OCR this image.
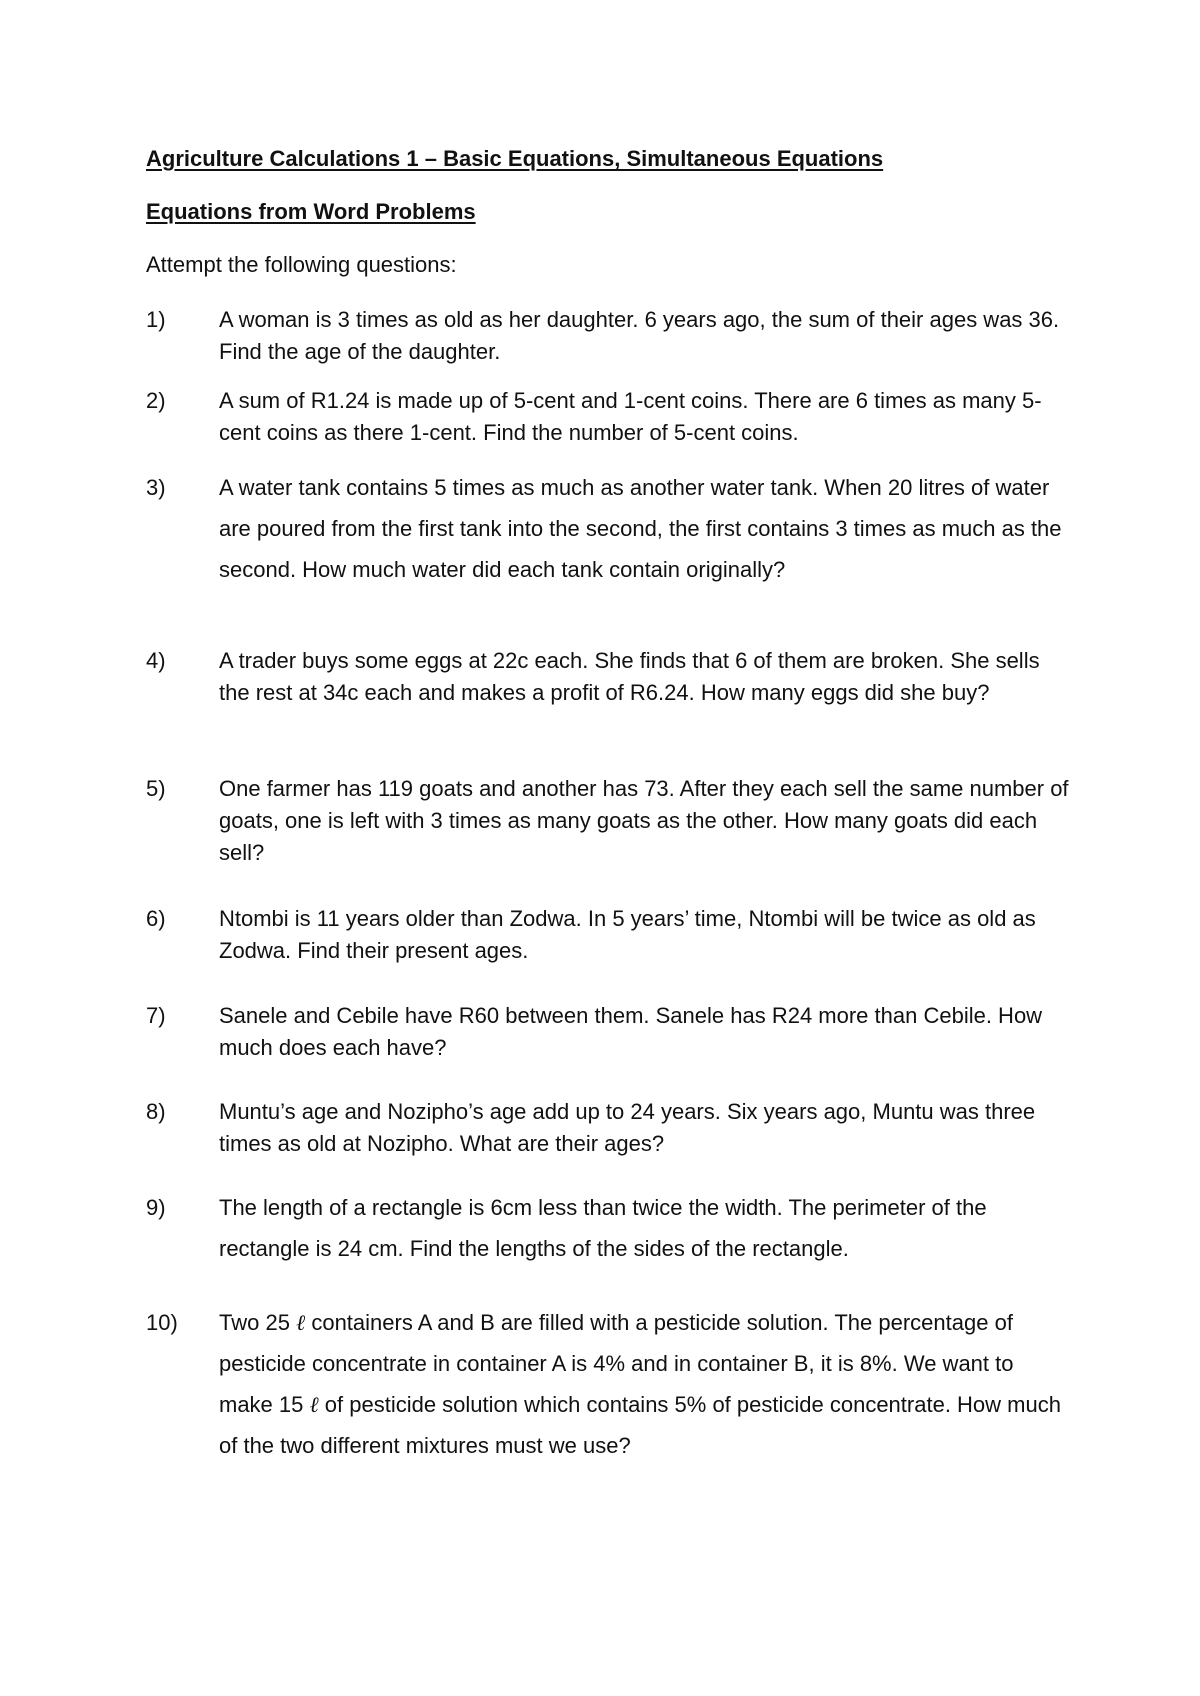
Agriculture Calculations 1 – Basic Equations, Simultaneous Equations
Equations from Word Problems
Attempt the following questions:
1) A woman is 3 times as old as her daughter. 6 years ago, the sum of their ages was 36. Find the age of the daughter.
2) A sum of R1.24 is made up of 5-cent and 1-cent coins. There are 6 times as many 5-cent coins as there 1-cent. Find the number of 5-cent coins.
3) A water tank contains 5 times as much as another water tank. When 20 litres of water are poured from the first tank into the second, the first contains 3 times as much as the second. How much water did each tank contain originally?
4) A trader buys some eggs at 22c each. She finds that 6 of them are broken. She sells the rest at 34c each and makes a profit of R6.24. How many eggs did she buy?
5) One farmer has 119 goats and another has 73. After they each sell the same number of goats, one is left with 3 times as many goats as the other. How many goats did each sell?
6) Ntombi is 11 years older than Zodwa. In 5 years’ time, Ntombi will be twice as old as Zodwa. Find their present ages.
7) Sanele and Cebile have R60 between them. Sanele has R24 more than Cebile. How much does each have?
8) Muntu’s age and Nozipho’s age add up to 24 years. Six years ago, Muntu was three times as old at Nozipho. What are their ages?
9) The length of a rectangle is 6cm less than twice the width. The perimeter of the rectangle is 24 cm. Find the lengths of the sides of the rectangle.
10) Two 25 ℓ containers A and B are filled with a pesticide solution. The percentage of pesticide concentrate in container A is 4% and in container B, it is 8%. We want to make 15 ℓ of pesticide solution which contains 5% of pesticide concentrate. How much of the two different mixtures must we use?
